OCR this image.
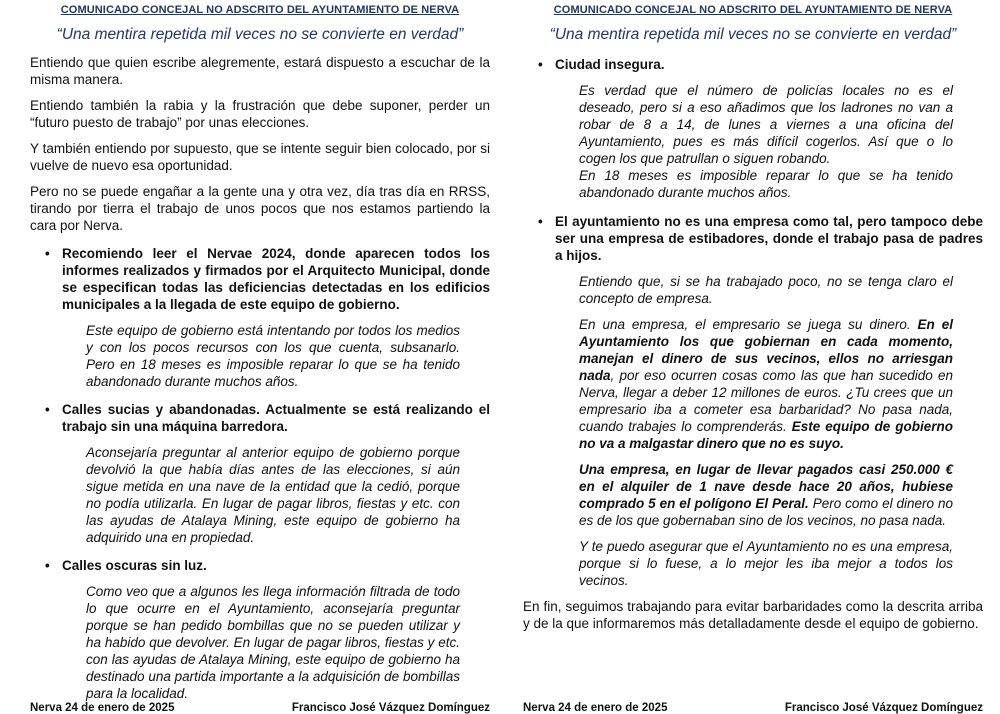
COMUNICADO CONCEJAL NO ADSCRITO DEL AYUNTAMIENTO DE NERVA
“Una mentira repetida mil veces no se convierte en verdad”

Entiendo que quien escribe alegremente, estará dispuesto a escuchar de la misma manera.

Entiendo también la rabia y la frustración que debe suponer, perder un “futuro puesto de trabajo” por unas elecciones.

Y también entiendo por supuesto, que se intente seguir bien colocado, por si vuelve de nuevo esa oportunidad.

Pero no se puede engañar a la gente una y otra vez, día tras día en RRSS, tirando por tierra el trabajo de unos pocos que nos estamos partiendo la cara por Nerva.

• Recomiendo leer el Nervae 2024, donde aparecen todos los informes realizados y firmados por el Arquitecto Municipal, donde se especifican todas las deficiencias detectadas en los edificios municipales a la llegada de este equipo de gobierno.

Este equipo de gobierno está intentando por todos los medios y con los pocos recursos con los que cuenta, subsanarlo. Pero en 18 meses es imposible reparar lo que se ha tenido abandonado durante muchos años.

• Calles sucias y abandonadas. Actualmente se está realizando el trabajo sin una máquina barredora.

Aconsejaría preguntar al anterior equipo de gobierno porque devolvió la que había días antes de las elecciones, si aún sigue metida en una nave de la entidad que la cedió, porque no podía utilizarla. En lugar de pagar libros, fiestas y etc. con las ayudas de Atalaya Mining, este equipo de gobierno ha adquirido una en propiedad.

• Calles oscuras sin luz.

Como veo que a algunos les llega información filtrada de todo lo que ocurre en el Ayuntamiento, aconsejaría preguntar porque se han pedido bombillas que no se pueden utilizar y ha habido que devolver. En lugar de pagar libros, fiestas y etc. con las ayudas de Atalaya Mining, este equipo de gobierno ha destinado una partida importante a la adquisición de bombillas para la localidad.

Nerva 24 de enero de 2025	Francisco José Vázquez Domínguez
COMUNICADO CONCEJAL NO ADSCRITO DEL AYUNTAMIENTO DE NERVA
“Una mentira repetida mil veces no se convierte en verdad”

• Ciudad insegura.

Es verdad que el número de policías locales no es el deseado, pero si a eso añadimos que los ladrones no van a robar de 8 a 14, de lunes a viernes a una oficina del Ayuntamiento, pues es más difícil cogerlos. Así que o lo cogen los que patrullan o siguen robando.

En 18 meses es imposible reparar lo que se ha tenido abandonado durante muchos años.

• El ayuntamiento no es una empresa como tal, pero tampoco debe ser una empresa de estibadores, donde el trabajo pasa de padres a hijos.

Entiendo que, si se ha trabajado poco, no se tenga claro el concepto de empresa.

En una empresa, el empresario se juega su dinero. En el Ayuntamiento los que gobiernan en cada momento, manejan el dinero de sus vecinos, ellos no arriesgan nada, por eso ocurren cosas como las que han sucedido en Nerva, llegar a deber 12 millones de euros. ¿Tu crees que un empresario iba a cometer esa barbaridad? No pasa nada, cuando trabajes lo comprenderás. Este equipo de gobierno no va a malgastar dinero que no es suyo.

Una empresa, en lugar de llevar pagados casi 250.000 € en el alquiler de 1 nave desde hace 20 años, hubiese comprado 5 en el polígono El Peral. Pero como el dinero no es de los que gobernaban sino de los vecinos, no pasa nada.

Y te puedo asegurar que el Ayuntamiento no es una empresa, porque si lo fuese, a lo mejor les iba mejor a todos los vecinos.

En fin, seguimos trabajando para evitar barbaridades como la descrita arriba y de la que informaremos más detalladamente desde el equipo de gobierno.

Nerva 24 de enero de 2025	Francisco José Vázquez Domínguez
